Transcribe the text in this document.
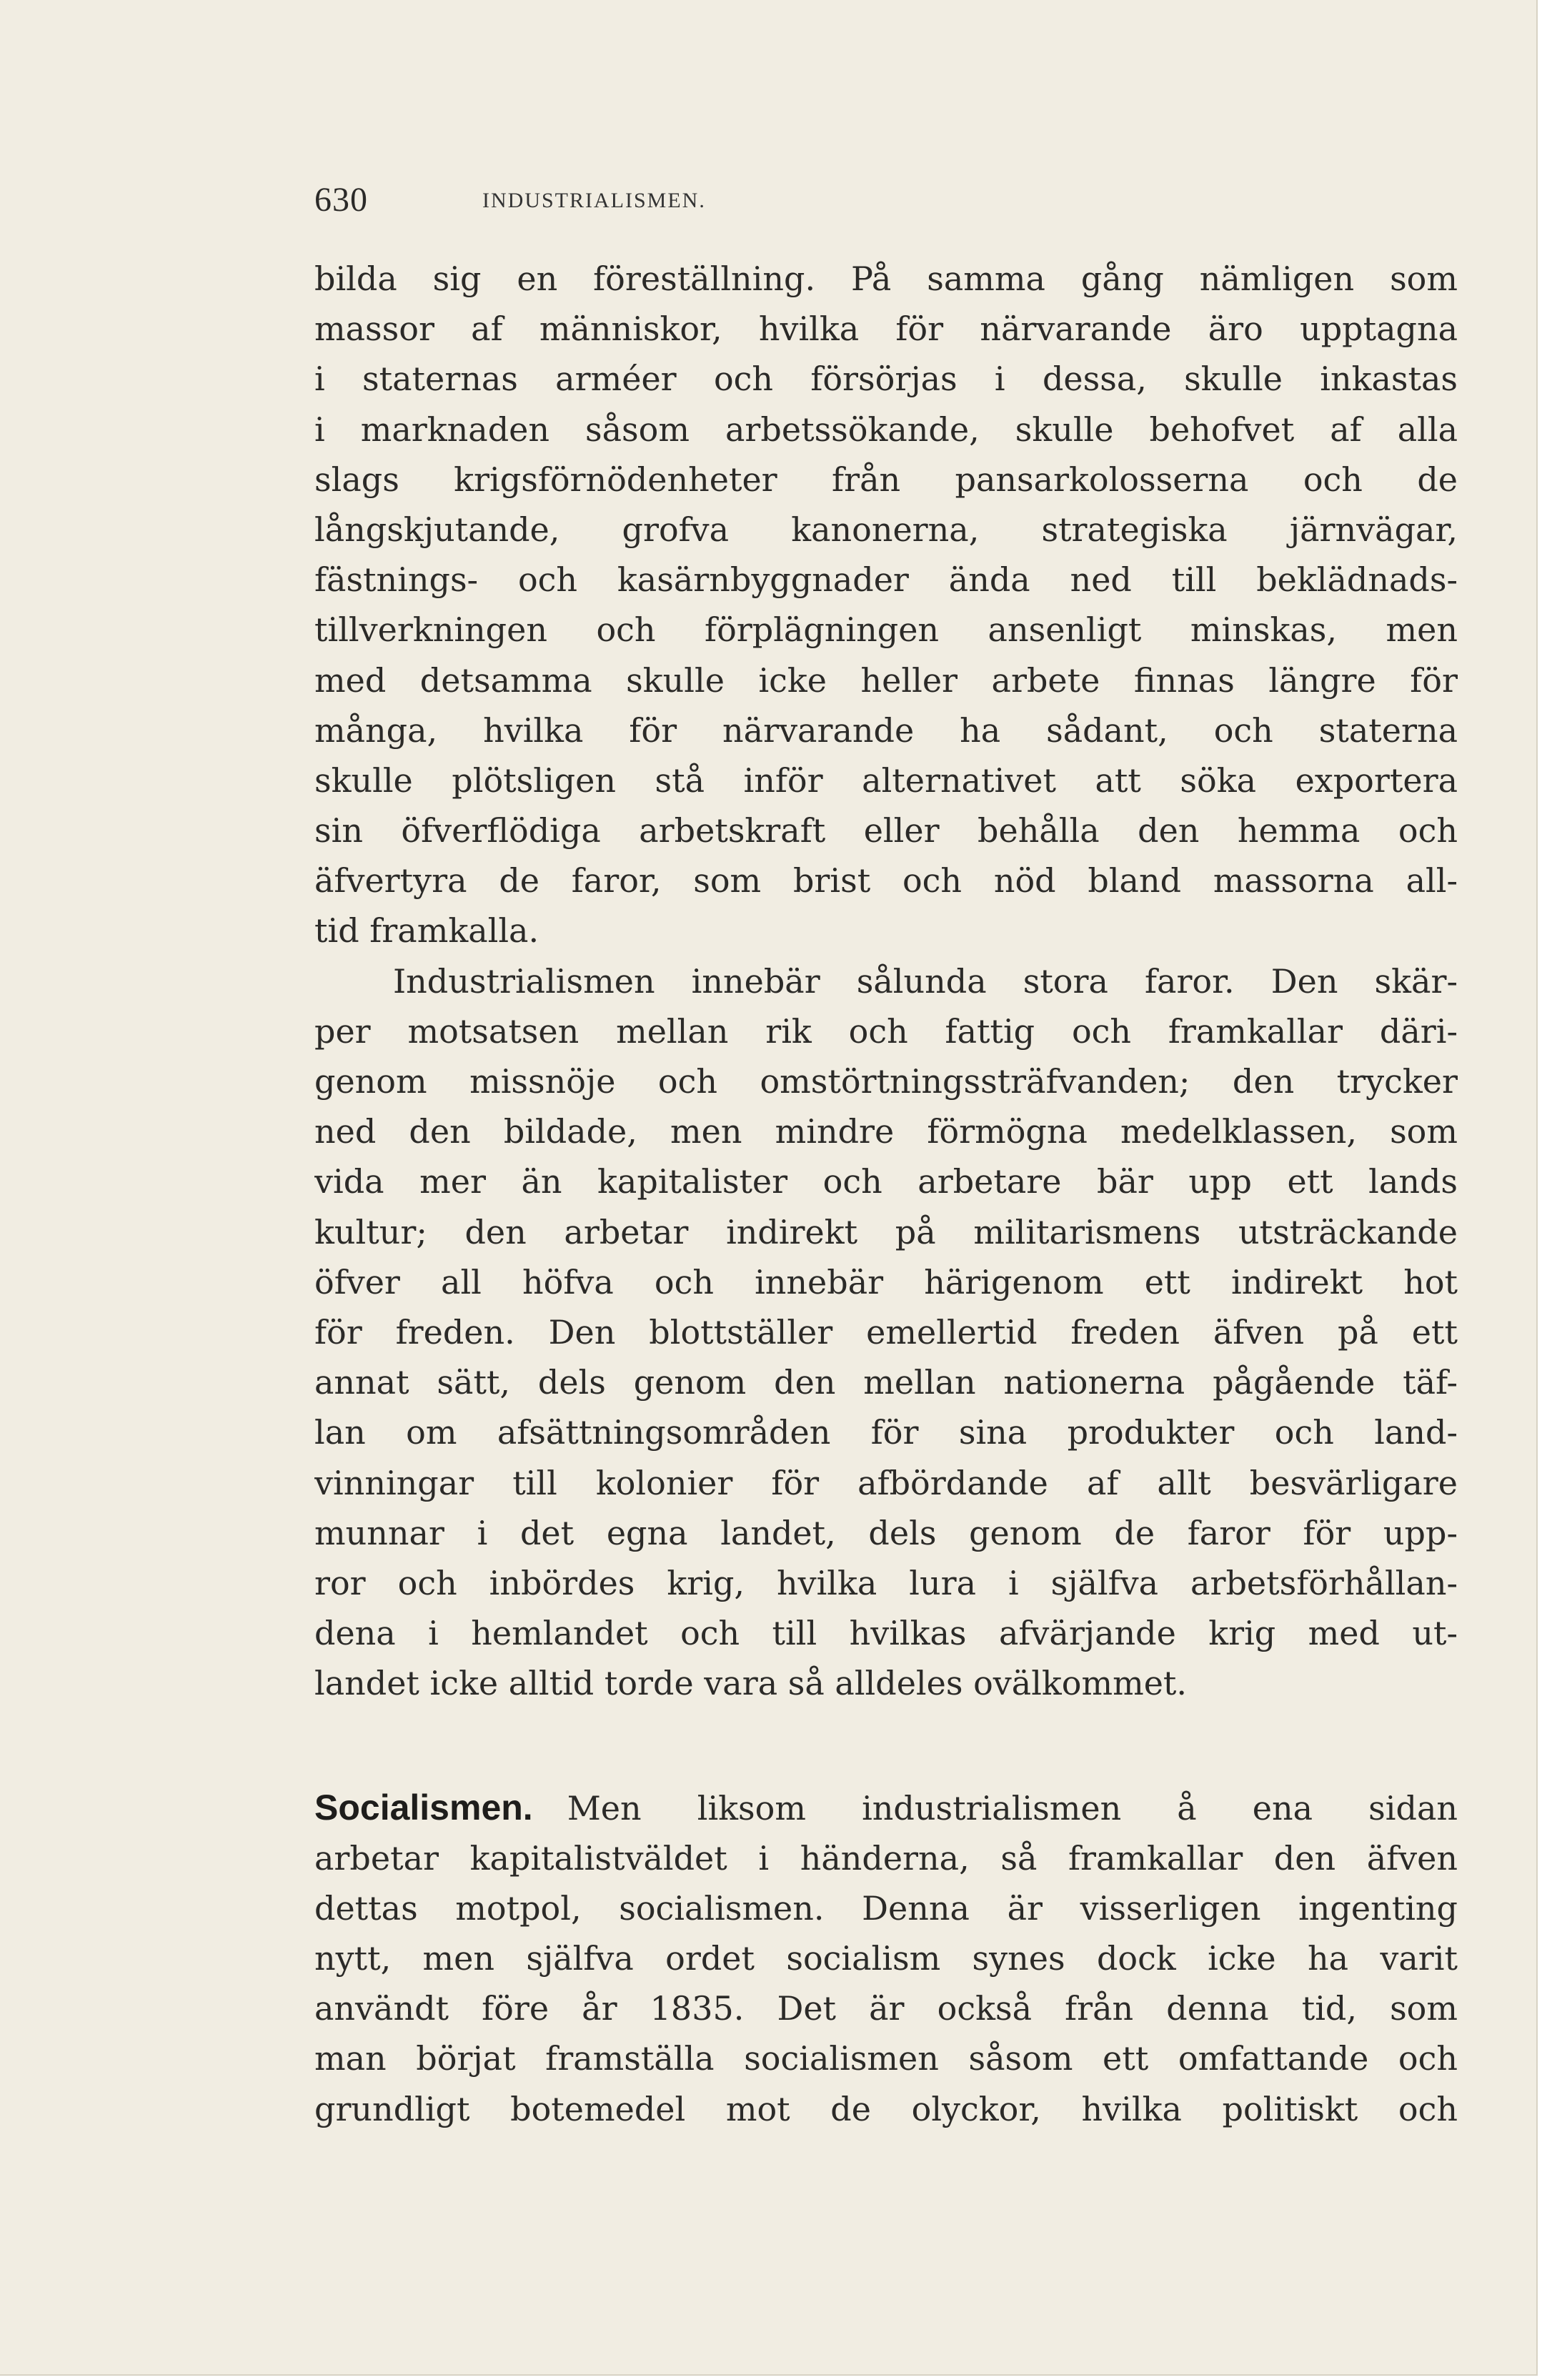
630	INDUSTRIALISMEN.
bilda sig en föreställning. På samma gång nämligen som
massor af människor, hvilka för närvarande äro upptagna
i staternas arméer och försörjas i dessa, skulle inkastas
i marknaden såsom arbetssökande, skulle behofvet af alla
slags krigsförnödenheter från pansarkolosserna och de
långskjutande, grofva kanonerna, strategiska järnvägar,
fästnings- och kasärnbyggnader ända ned till beklädnads-
tillverkningen och förplägningen ansenligt minskas, men
med detsamma skulle icke heller arbete finnas längre för
många, hvilka för närvarande ha sådant, och staterna
skulle plötsligen stå inför alternativet att söka exportera
sin öfverflödiga arbetskraft eller behålla den hemma och
äfvertyra de faror, som brist och nöd bland massorna all-
tid framkalla.
Industrialismen innebär sålunda stora faror. Den skär-
per motsatsen mellan rik och fattig och framkallar däri-
genom missnöje och omstörtningssträfvanden; den trycker
ned den bildade, men mindre förmögna medelklassen, som
vida mer än kapitalister och arbetare bär upp ett lands
kultur; den arbetar indirekt på militarismens utsträckande
öfver all höfva och innebär härigenom ett indirekt hot
för freden. Den blottställer emellertid freden äfven på ett
annat sätt, dels genom den mellan nationerna pågående täf-
lan om afsättningsområden för sina produkter och land-
vinningar till kolonier för afbördande af allt besvärligare
munnar i det egna landet, dels genom de faror för upp-
ror och inbördes krig, hvilka lura i själfva arbetsförhållan-
dena i hemlandet och till hvilkas afvärjande krig med ut-
landet icke alltid torde vara så alldeles ovälkommet.
Socialismen. Men liksom industrialismen å ena sidan
arbetar kapitalistväldet i händerna, så framkallar den äfven
dettas motpol, socialismen. Denna är visserligen ingenting
nytt, men själfva ordet socialism synes dock icke ha varit
användt före år 1835. Det är också från denna tid, som
man börjat framställa socialismen såsom ett omfattande och
grundligt botemedel mot de olyckor, hvilka politiskt och
